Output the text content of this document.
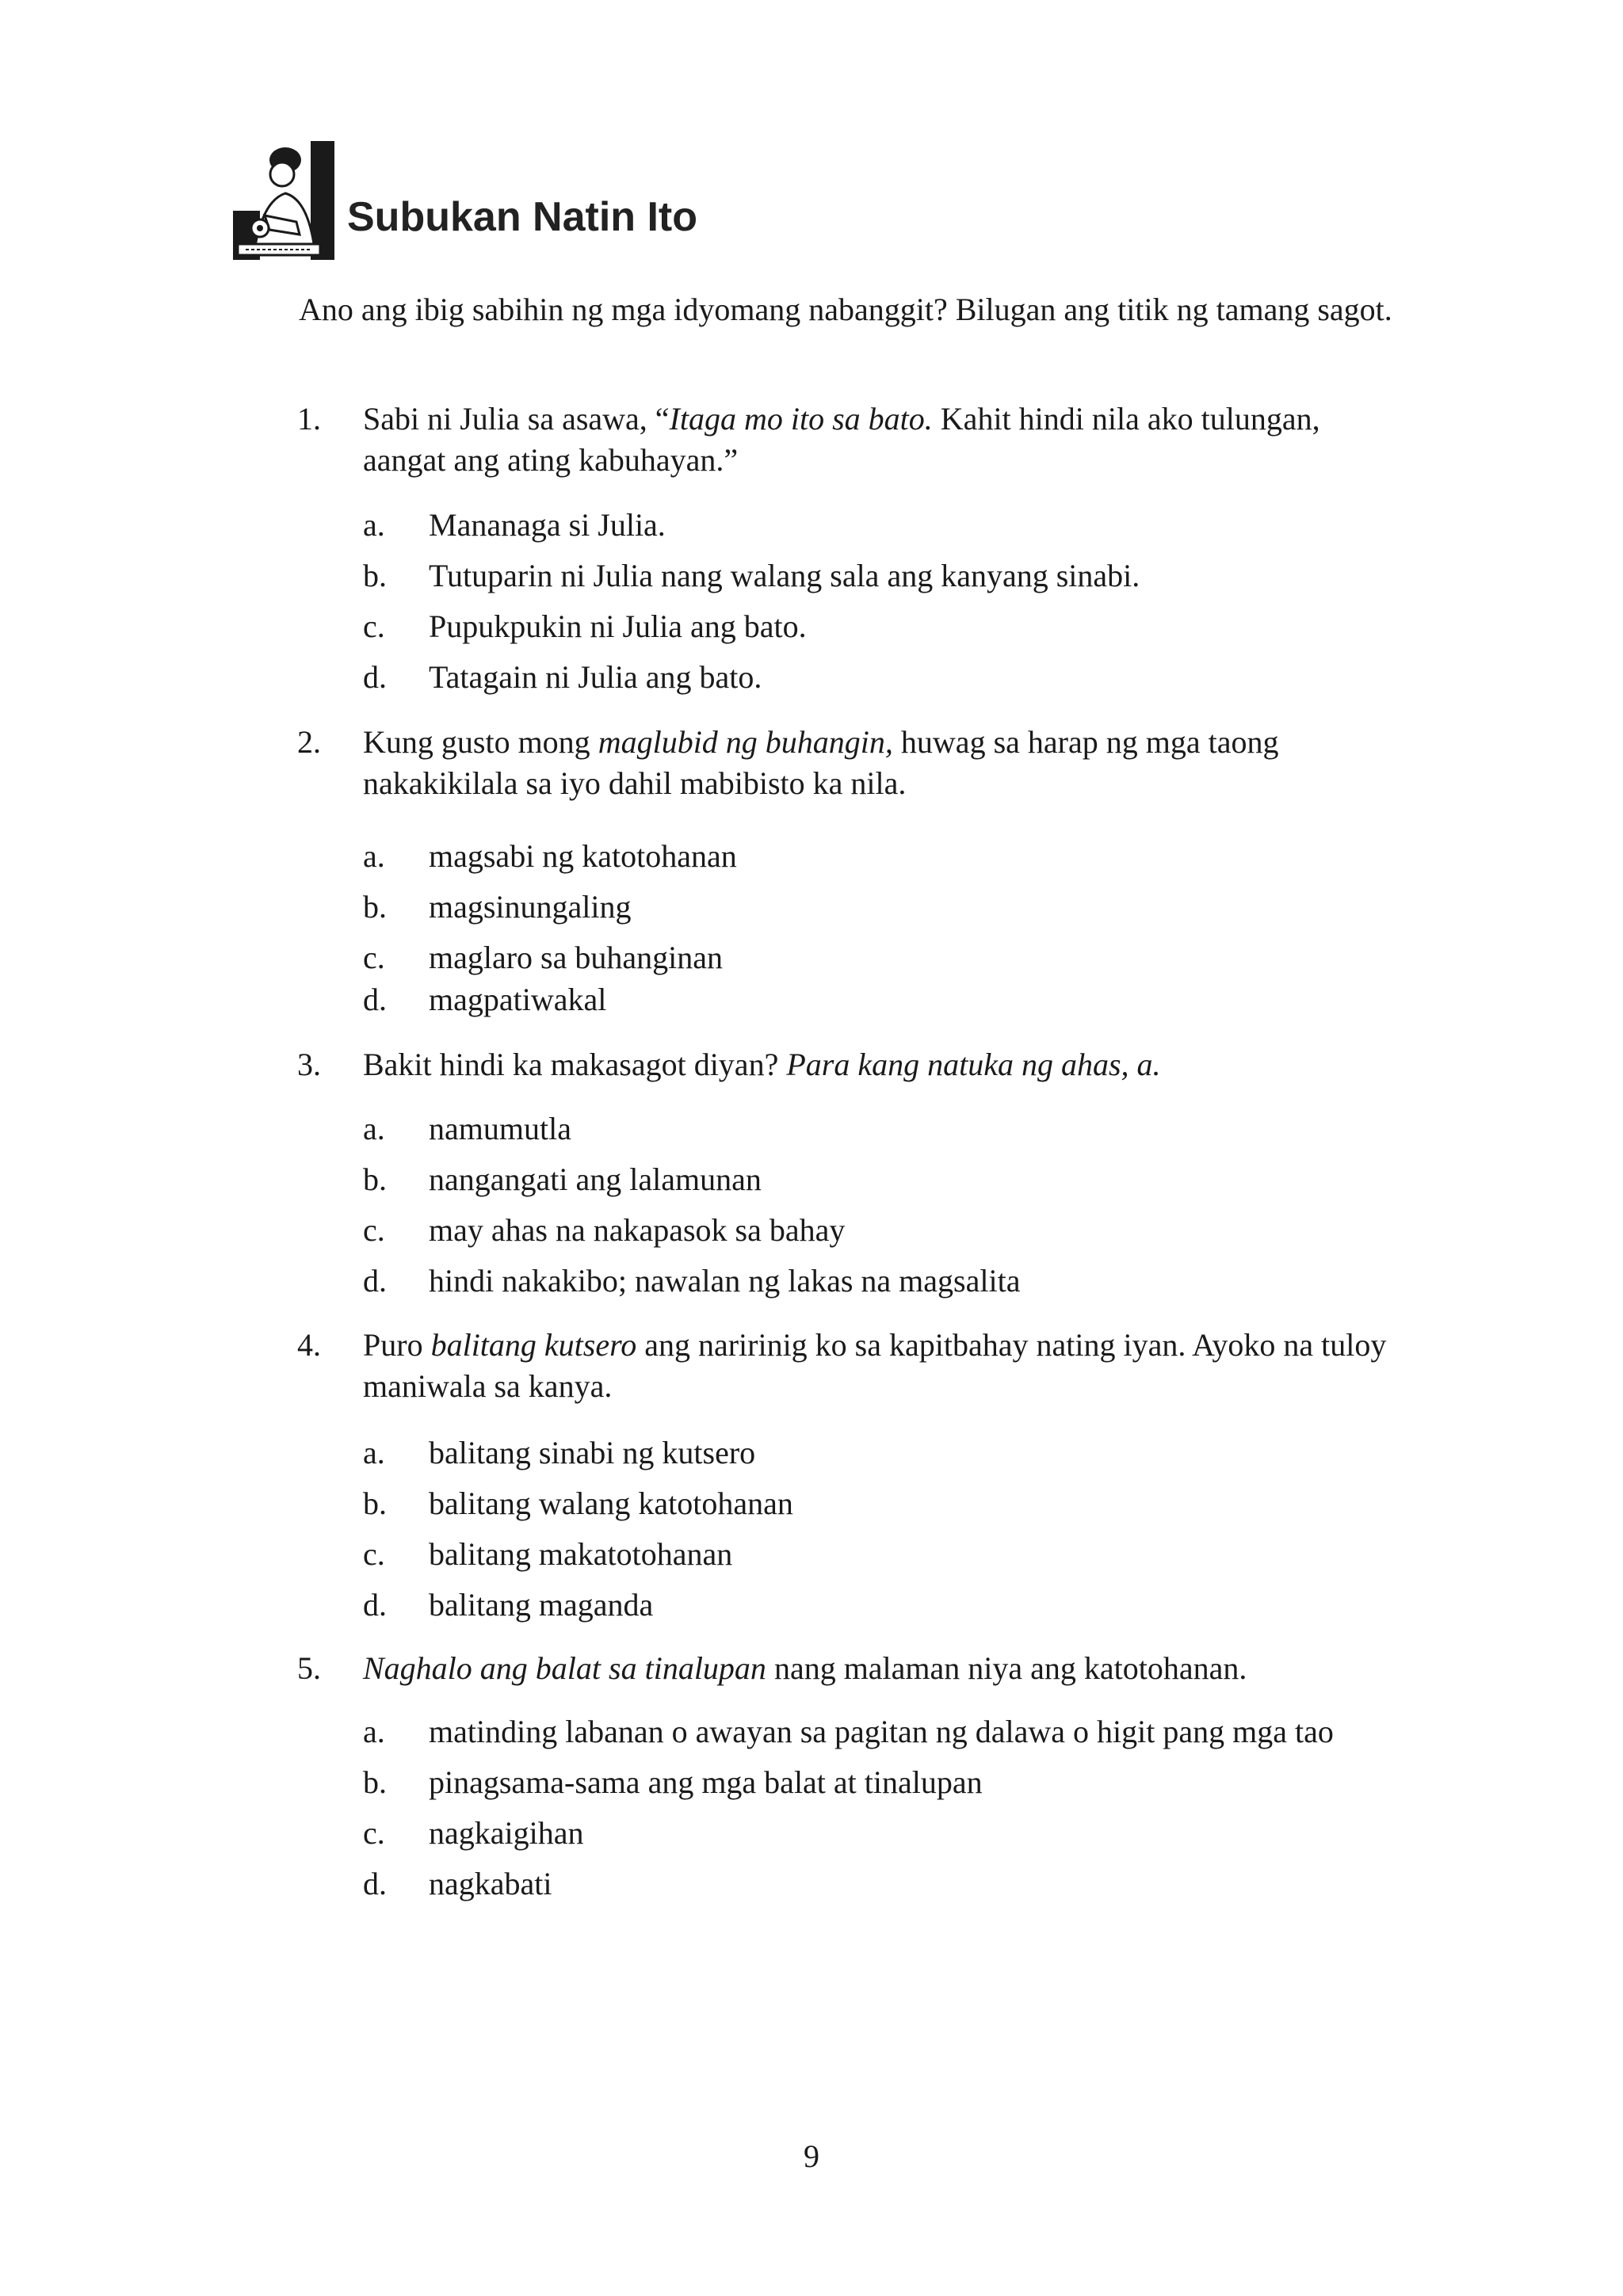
Subukan Natin Ito

Ano ang ibig sabihin ng mga idyomang nabanggit? Bilugan ang titik ng tamang sagot.

1. Sabi ni Julia sa asawa, “Itaga mo ito sa bato. Kahit hindi nila ako tulungan, aangat ang ating kabuhayan.”
a. Mananaga si Julia.
b. Tutuparin ni Julia nang walang sala ang kanyang sinabi.
c. Pupukpukin ni Julia ang bato.
d. Tatagain ni Julia ang bato.
2. Kung gusto mong maglubid ng buhangin, huwag sa harap ng mga taong nakakikilala sa iyo dahil mabibisto ka nila.
a. magsabi ng katotohanan
b. magsinungaling
c. maglaro sa buhanginan
d. magpatiwakal
3. Bakit hindi ka makasagot diyan? Para kang natuka ng ahas, a.
a. namumutla
b. nangangati ang lalamunan
c. may ahas na nakapasok sa bahay
d. hindi nakakibo; nawalan ng lakas na magsalita
4. Puro balitang kutsero ang naririnig ko sa kapitbahay nating iyan. Ayoko na tuloy maniwala sa kanya.
a. balitang sinabi ng kutsero
b. balitang walang katotohanan
c. balitang makatotohanan
d. balitang maganda
5. Naghalo ang balat sa tinalupan nang malaman niya ang katotohanan.
a. matinding labanan o awayan sa pagitan ng dalawa o higit pang mga tao
b. pinagsama-sama ang mga balat at tinalupan
c. nagkaigihan
d. nagkabati
9
